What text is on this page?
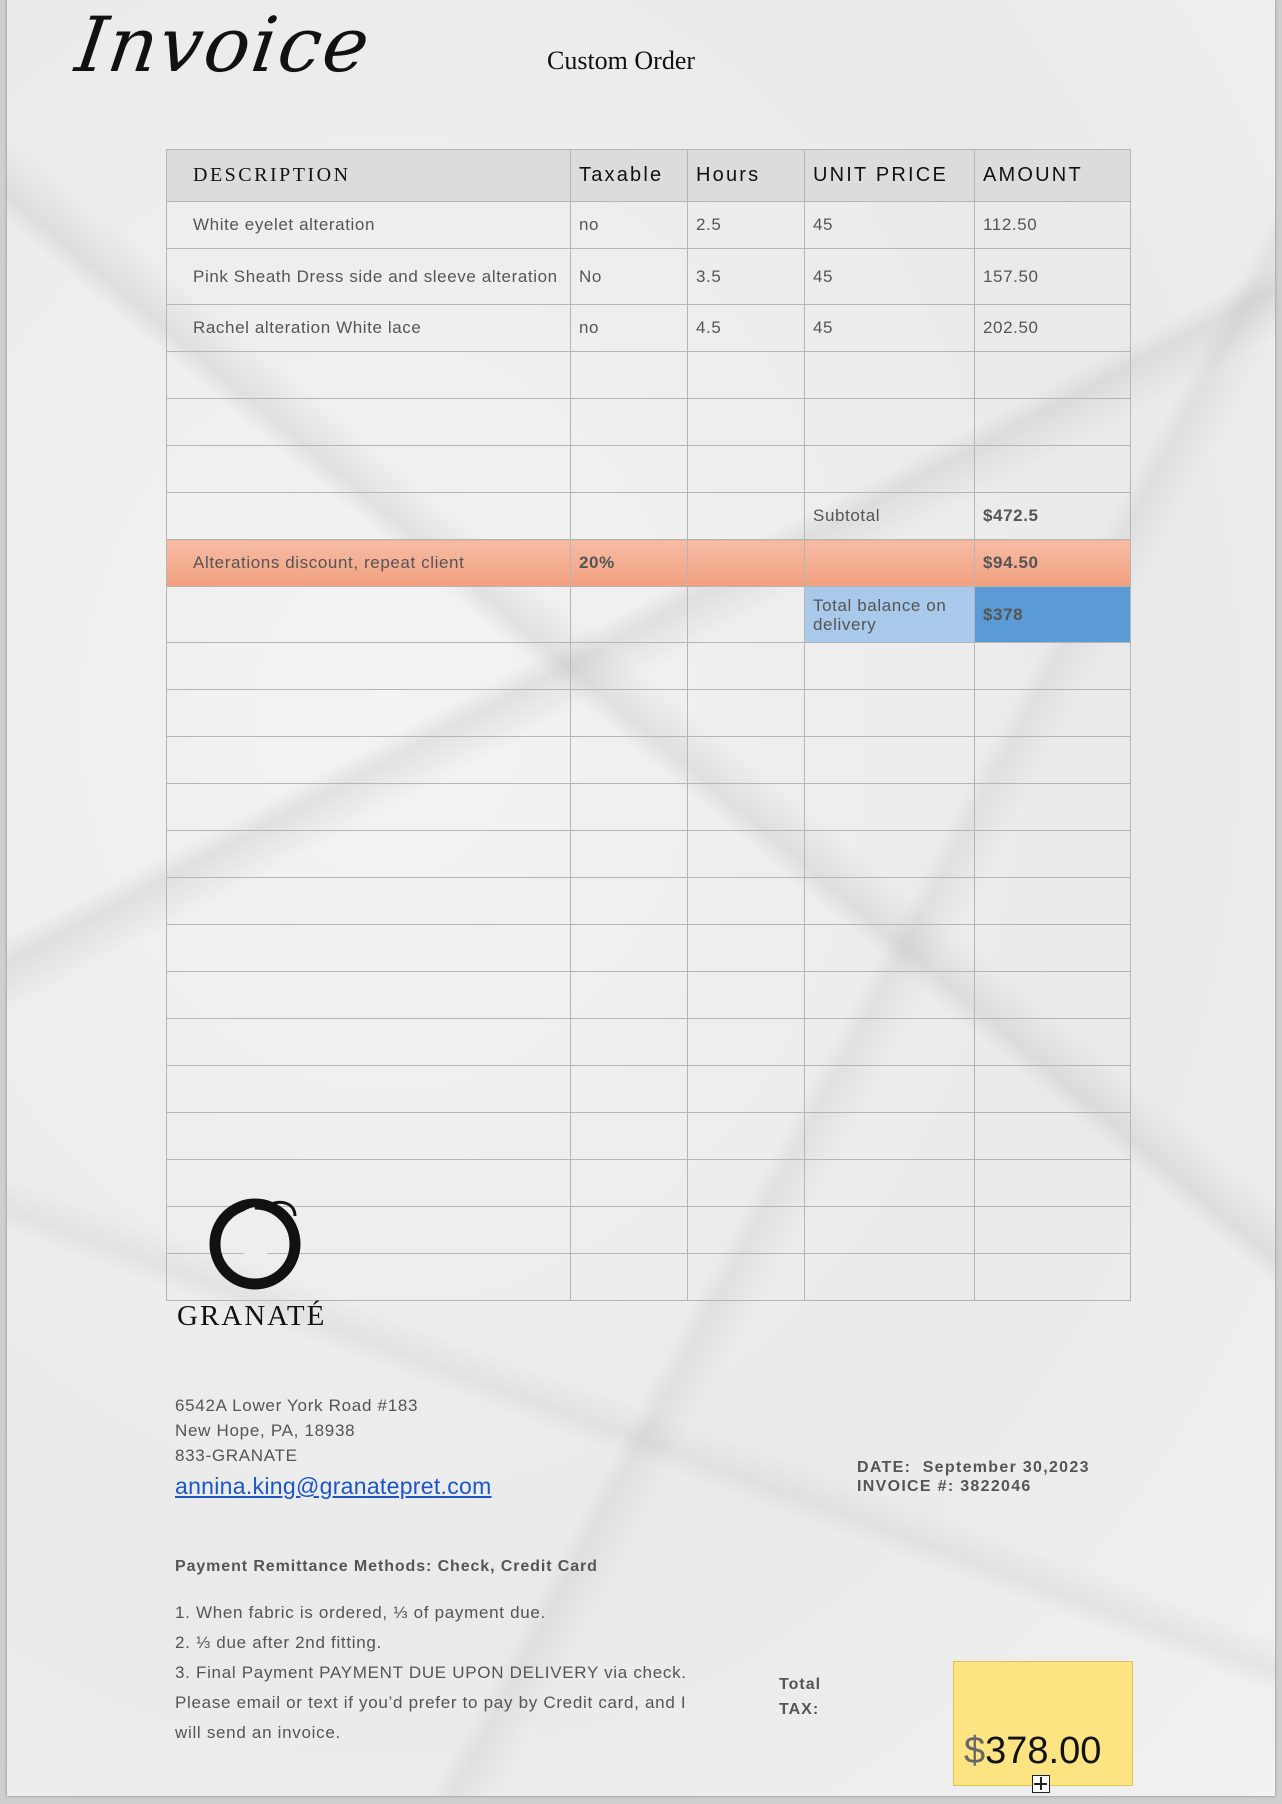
Invoice	Custom Order
DESCRIPTION	Taxable	Hours	UNIT PRICE	AMOUNT
White eyelet alteration	no	2.5	45	112.50
Pink Sheath Dress side and sleeve alteration	No	3.5	45	157.50
Rachel alteration White lace	no	4.5	45	202.50

			Subtotal	$472.5
Alterations discount, repeat client	20%			$94.50
			Total balance on delivery	$378

GRANATÉ
6542A Lower York Road #183
New Hope, PA, 18938
833-GRANATE
annina.king@granatepret.com
DATE: September 30,2023
INVOICE #: 3822046
Payment Remittance Methods: Check, Credit Card
1. When fabric is ordered, ⅓ of payment due.
2. ⅓ due after 2nd fitting.
3. Final Payment PAYMENT DUE UPON DELIVERY via check. Please email or text if you’d prefer to pay by Credit card, and I will send an invoice.
Total
TAX:
$378.00
